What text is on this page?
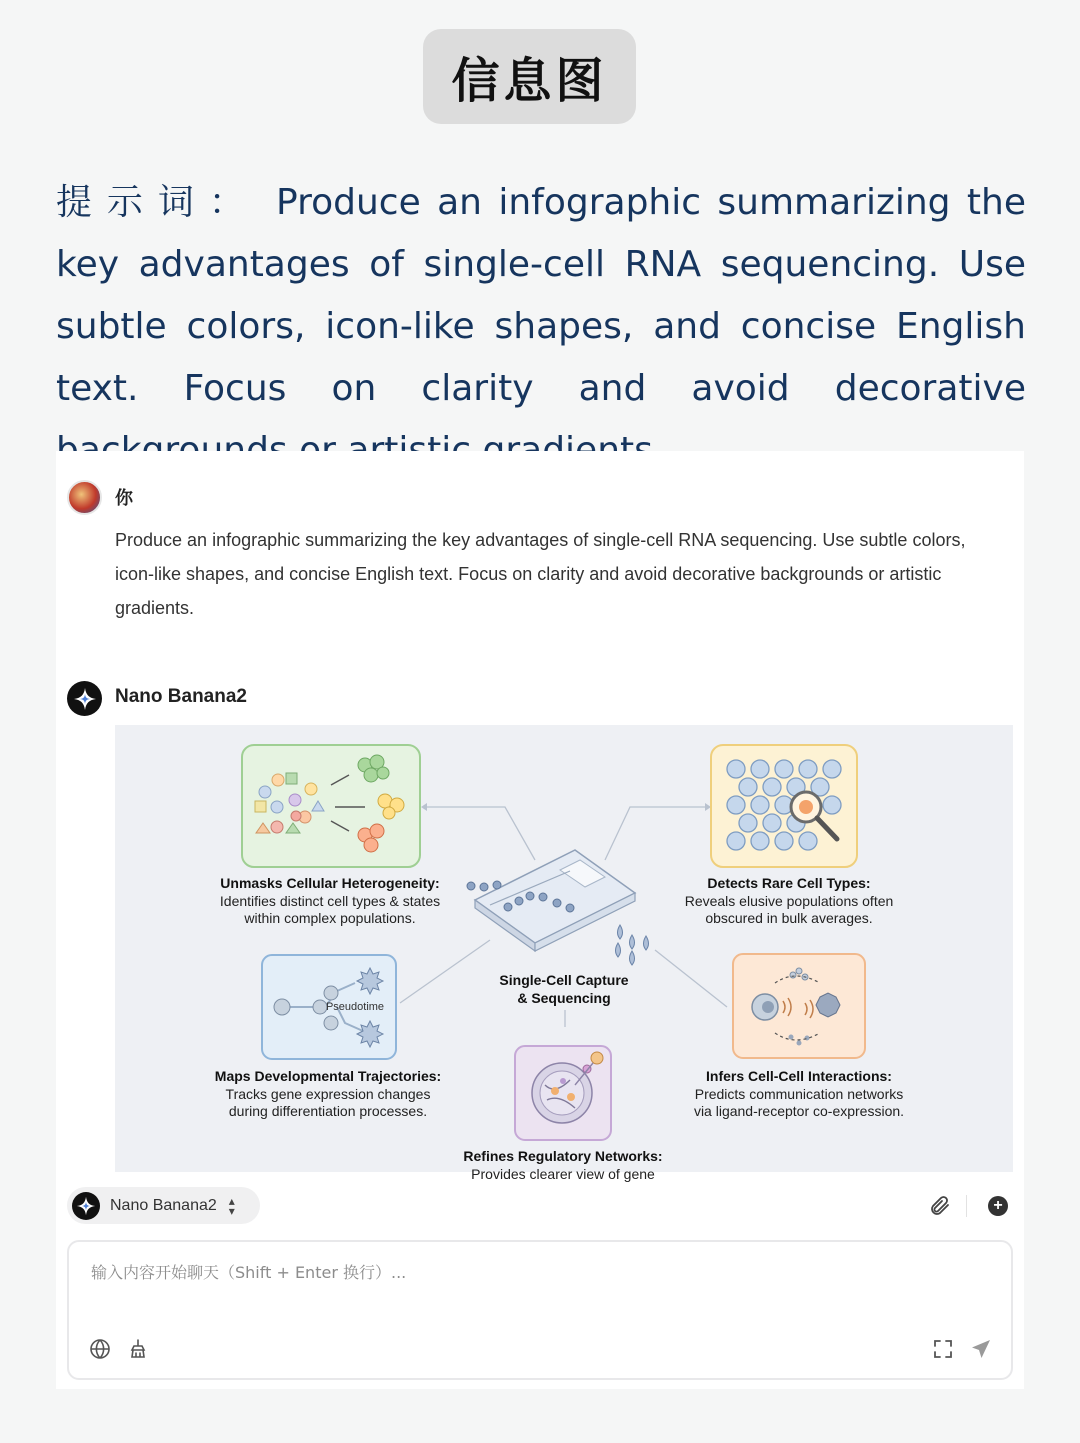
信息图
提示词： Produce an infographic summarizing the key advantages of single-cell RNA sequencing. Use subtle colors, icon-like shapes, and concise English text. Focus on clarity and avoid decorative
你
Produce an infographic summarizing the key advantages of single-cell RNA sequencing. Use subtle colors, icon-like shapes, and concise English text. Focus on clarity and avoid decorative backgrounds or artistic gradients.
Nano Banana2
Pseudotime
Unmasks Cellular Heterogeneity:
Identifies distinct cell types & states
within complex populations.
Detects Rare Cell Types:
Reveals elusive populations often
obscured in bulk averages.
Single-Cell Capture
& Sequencing
Maps Developmental Trajectories:
Tracks gene expression changes
during differentiation processes.
Infers Cell-Cell Interactions:
Predicts communication networks
via ligand-receptor co-expression.
Refines Regulatory Networks:
Provides clearer view of gene
Nano Banana2 ▴
▾	+
输入内容开始聊天（Shift + Enter 换行）...
